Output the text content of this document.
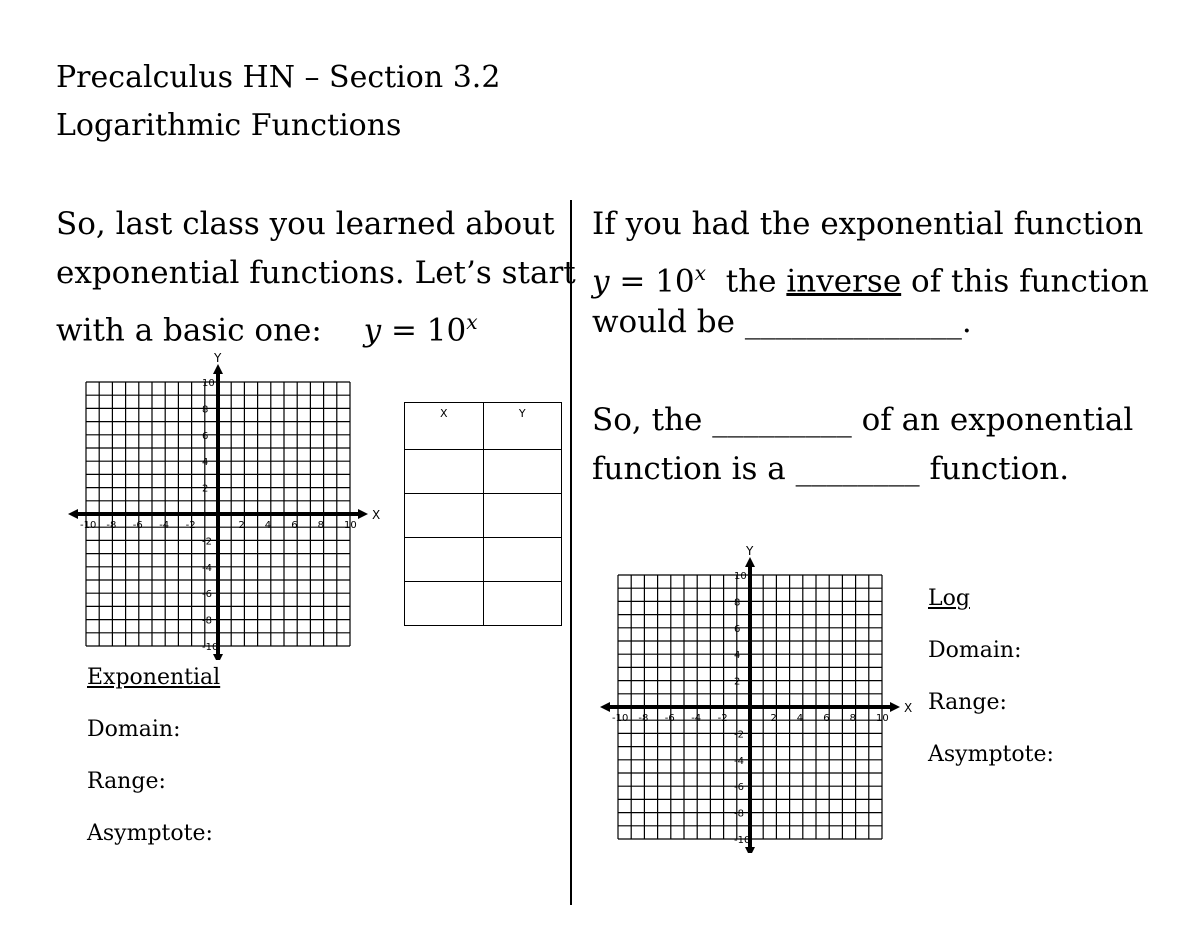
Precalculus HN – Section 3.2
Logarithmic Functions
So, last class you learned about
exponential functions. Let’s start
with a basic one: $y = 10^x$
X
Y
-10 -8 -6 -4 -2	2 4 6 8 10
10
8
6
4
2
-2
-4
-6
-8
-10
X	Y

Exponential
Domain:
Range:
Asymptote:
If you had the exponential function
$y = 10^x$  the inverse of this function
would be ______________.
So, the _________ of an exponential
function is a ________ function.
X
Y
-10 -8 -6 -4 -2	2 4 6 8 10
10
8
6
4
2
-2
-4
-6
-8
-10
Log
Domain:
Range:
Asymptote:
